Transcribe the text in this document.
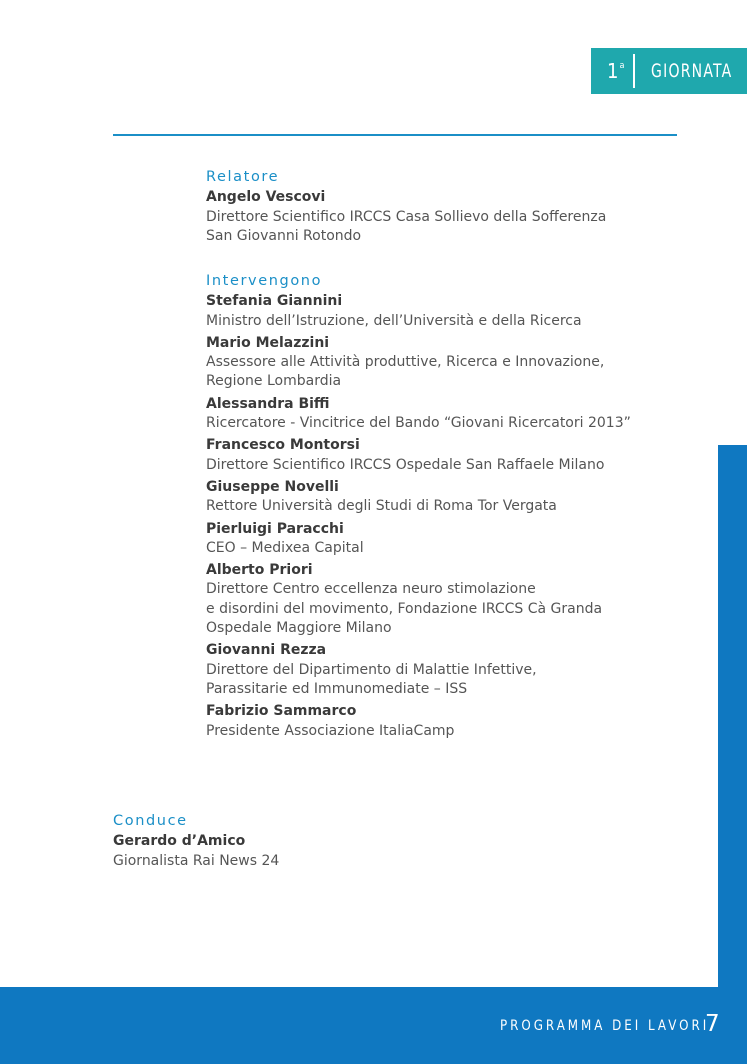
1$^a$ GIORNATA
Relatore
Angelo Vescovi
Direttore Scientifico IRCCS Casa Sollievo della Sofferenza
San Giovanni Rotondo
Intervengono
Stefania Giannini
Ministro dell’Istruzione, dell’Università e della Ricerca
Mario Melazzini
Assessore alle Attività produttive, Ricerca e Innovazione,
Regione Lombardia
Alessandra Biffi
Ricercatore - Vincitrice del Bando “Giovani Ricercatori 2013”
Francesco Montorsi
Direttore Scientifico IRCCS Ospedale San Raffaele Milano
Giuseppe Novelli
Rettore Università degli Studi di Roma Tor Vergata
Pierluigi Paracchi
CEO – Medixea Capital
Alberto Priori
Direttore Centro eccellenza neuro stimolazione
e disordini del movimento, Fondazione IRCCS Cà Granda
Ospedale Maggiore Milano
Giovanni Rezza
Direttore del Dipartimento di Malattie Infettive,
Parassitarie ed Immunomediate – ISS
Fabrizio Sammarco
Presidente Associazione ItaliaCamp
Conduce
Gerardo d’Amico
Giornalista Rai News 24
PROGRAMMA DEI LAVORI
7
